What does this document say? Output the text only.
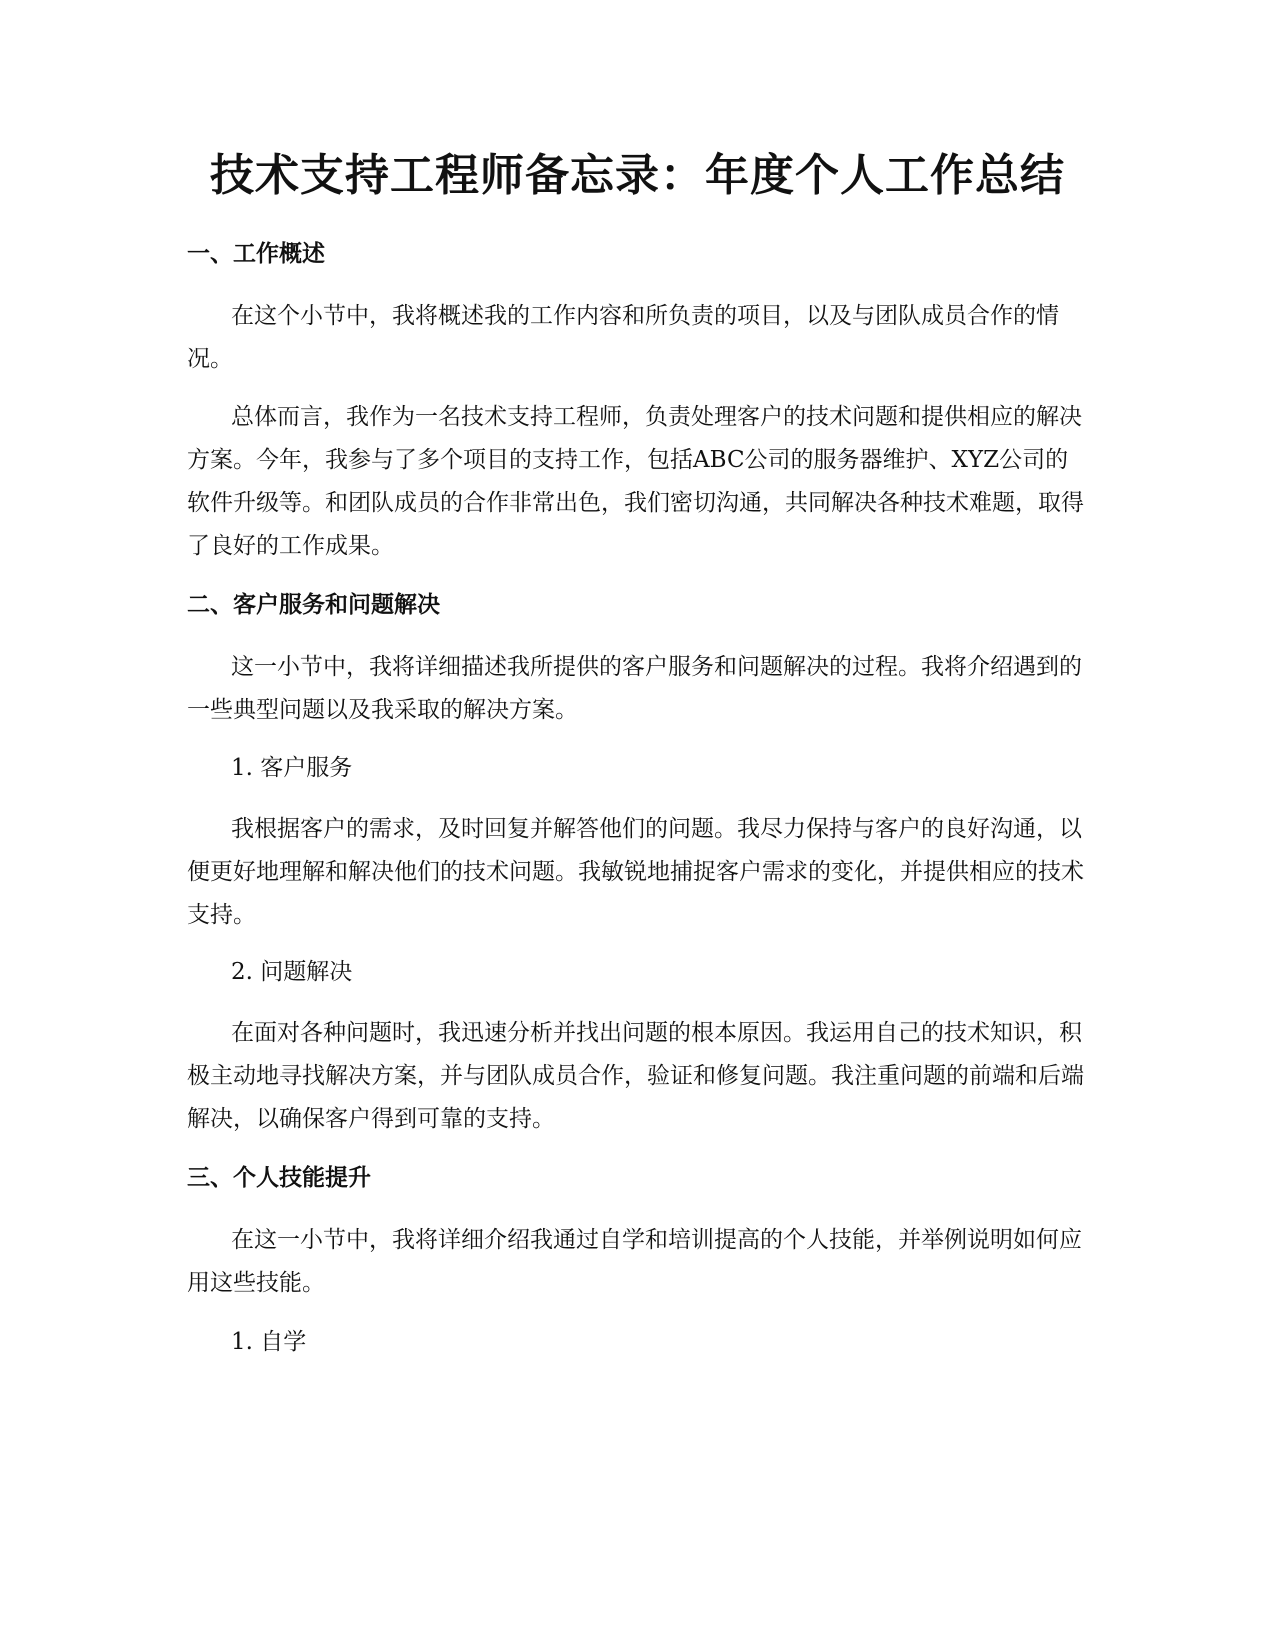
技术支持工程师备忘录：年度个人工作总结
一、工作概述

在这个小节中，我将概述我的工作内容和所负责的项目，以及与团队成员合作的情况。

总体而言，我作为一名技术支持工程师，负责处理客户的技术问题和提供相应的解决方案。今年，我参与了多个项目的支持工作，包括ABC公司的服务器维护、XYZ公司的软件升级等。和团队成员的合作非常出色，我们密切沟通，共同解决各种技术难题，取得了良好的工作成果。

二、客户服务和问题解决

这一小节中，我将详细描述我所提供的客户服务和问题解决的过程。我将介绍遇到的一些典型问题以及我采取的解决方案。

1. 客户服务

我根据客户的需求，及时回复并解答他们的问题。我尽力保持与客户的良好沟通，以便更好地理解和解决他们的技术问题。我敏锐地捕捉客户需求的变化，并提供相应的技术支持。

2. 问题解决

在面对各种问题时，我迅速分析并找出问题的根本原因。我运用自己的技术知识，积极主动地寻找解决方案，并与团队成员合作，验证和修复问题。我注重问题的前端和后端解决，以确保客户得到可靠的支持。

三、个人技能提升

在这一小节中，我将详细介绍我通过自学和培训提高的个人技能，并举例说明如何应用这些技能。

1. 自学
